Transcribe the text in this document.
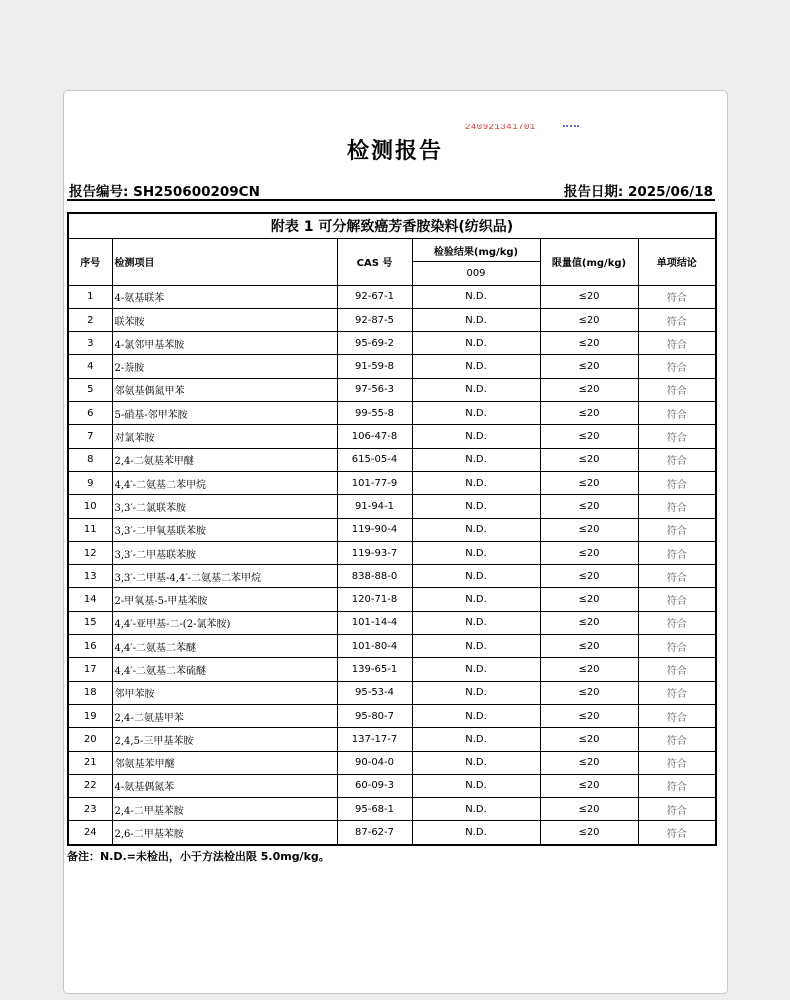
240921341701
检测报告
报告编号: SH250600209CN	报告日期: 2025/06/18
附表 1 可分解致癌芳香胺染料(纺织品)					
序号	检测项目	CAS 号	检验结果(mg/kg)	限量值(mg/kg)	单项结论
			009		
1	4-氨基联苯	92-67-1	N.D.	≤20	符合
2	联苯胺	92-87-5	N.D.	≤20	符合
3	4-氯邻甲基苯胺	95-69-2	N.D.	≤20	符合
4	2-萘胺	91-59-8	N.D.	≤20	符合
5	邻氨基偶氮甲苯	97-56-3	N.D.	≤20	符合
6	5-硝基-邻甲苯胺	99-55-8	N.D.	≤20	符合
7	对氯苯胺	106-47-8	N.D.	≤20	符合
8	2,4-二氨基苯甲醚	615-05-4	N.D.	≤20	符合
9	4,4′-二氨基二苯甲烷	101-77-9	N.D.	≤20	符合
10	3,3′-二氯联苯胺	91-94-1	N.D.	≤20	符合
11	3,3′-二甲氧基联苯胺	119-90-4	N.D.	≤20	符合
12	3,3′-二甲基联苯胺	119-93-7	N.D.	≤20	符合
13	3,3′-二甲基-4,4′-二氨基二苯甲烷	838-88-0	N.D.	≤20	符合
14	2-甲氧基-5-甲基苯胺	120-71-8	N.D.	≤20	符合
15	4,4′-亚甲基-二-(2-氯苯胺)	101-14-4	N.D.	≤20	符合
16	4,4′-二氨基二苯醚	101-80-4	N.D.	≤20	符合
17	4,4′-二氨基二苯硫醚	139-65-1	N.D.	≤20	符合
18	邻甲苯胺	95-53-4	N.D.	≤20	符合
19	2,4-二氨基甲苯	95-80-7	N.D.	≤20	符合
20	2,4,5-三甲基苯胺	137-17-7	N.D.	≤20	符合
21	邻氨基苯甲醚	90-04-0	N.D.	≤20	符合
22	4-氨基偶氮苯	60-09-3	N.D.	≤20	符合
23	2,4-二甲基苯胺	95-68-1	N.D.	≤20	符合
24	2,6-二甲基苯胺	87-62-7	N.D.	≤20	符合
备注：N.D.=未检出，小于方法检出限 5.0mg/kg。
